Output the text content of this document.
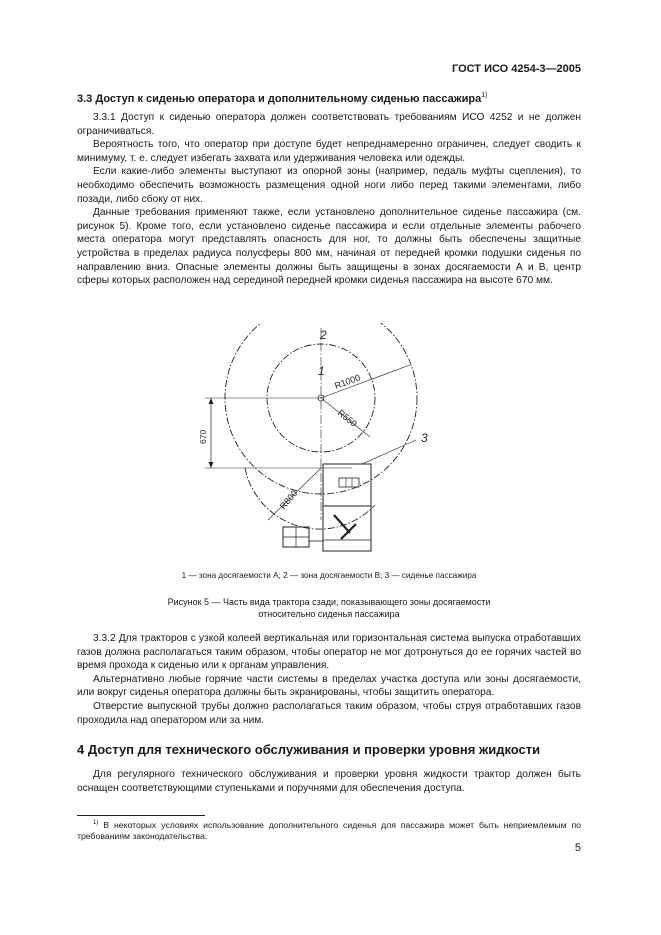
ГОСТ ИСО 4254-3—2005
3.3 Доступ к сиденью оператора и дополнительному сиденью пассажира$^{1)}$

3.3.1 Доступ к сиденью оператора должен соответствовать требованиям ИСО 4252 и не должен ограничиваться.

Вероятность того, что оператор при доступе будет непреднамеренно ограничен, следует сводить к минимуму, т. е. следует избегать захвата или удерживания человека или одежды.

Если какие-либо элементы выступают из опорной зоны (например, педаль муфты сцепления), то необходимо обеспечить возможность размещения одной ноги либо перед такими элементами, либо позади, либо сбоку от них.

Данные требования применяют также, если установлено дополнительное сиденье пассажира (см. рисунок 5). Кроме того, если установлено сиденье пассажира и если отдельные элементы рабочего места оператора могут представлять опасность для ног, то должны быть обеспечены защитные устройства в пределах радиуса полусферы 800 мм, начиная от передней кромки подушки сиденья по направлению вниз. Опасные элементы должны быть защищены в зонах досягаемости А и В, центр сферы которых расположен над серединой передней кромки сиденья пассажира на высоте 670 мм.

2
1
3
R1000
R550
R800
670
1 — зона досягаемости А; 2 — зона досягаемости В; 3 — сиденье пассажира
Рисунок 5 — Часть вида трактора сзади, показывающего зоны досягаемости
относительно сиденья пассажира

3.3.2 Для тракторов с узкой колеей вертикальная или горизонтальная система выпуска отработавших газов должна располагаться таким образом, чтобы оператор не мог дотронуться до ее горячих частей во время прохода к сиденью или к органам управления.

Альтернативно любые горячие части системы в пределах участка доступа или зоны досягаемости, или вокруг сиденья оператора должны быть экранированы, чтобы защитить оператора.

Отверстие выпускной трубы должно располагаться таким образом, чтобы струя отработавших газов проходила над оператором или за ним.

4 Доступ для технического обслуживания и проверки уровня жидкости

Для регулярного технического обслуживания и проверки уровня жидкости трактор должен быть оснащен соответствующими ступеньками и поручнями для обеспечения доступа.

$^{1)}$ В некоторых условиях использование дополнительного сиденья для пассажира может быть неприемлемым по требованиям законодательства.

5
